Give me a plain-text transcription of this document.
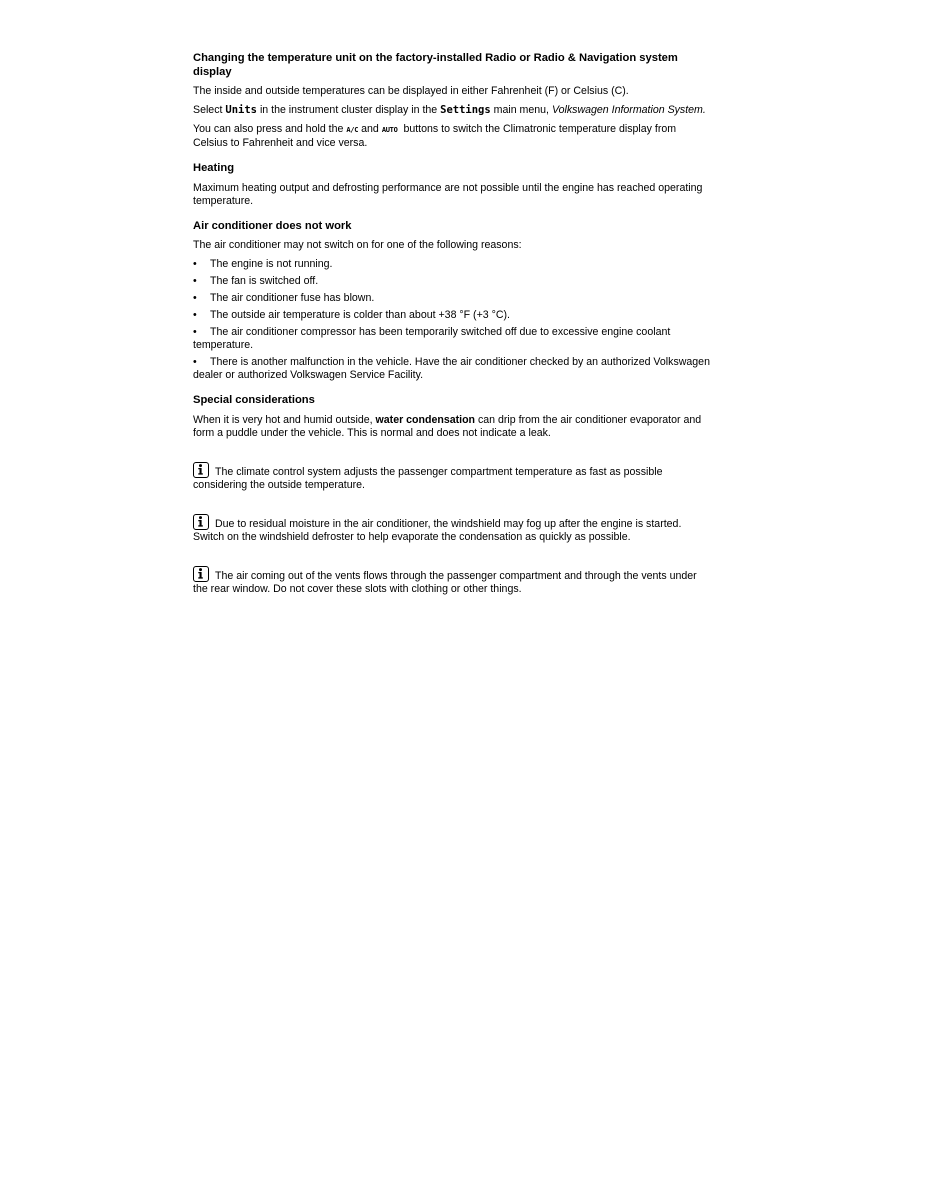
Changing the temperature unit on the factory-installed Radio or Radio & Navigation system display

The inside and outside temperatures can be displayed in either Fahrenheit (F) or Celsius (C).

Select Units in the instrument cluster display in the Settings main menu, Volkswagen Information System.

You can also press and hold the A/C and AUTO buttons to switch the Climatronic temperature display from Celsius to Fahrenheit and vice versa.

Heating

Maximum heating output and defrosting performance are not possible until the engine has reached operating temperature.

Air conditioner does not work

The air conditioner may not switch on for one of the following reasons:

• The engine is not running.
• The fan is switched off.
• The air conditioner fuse has blown.
• The outside air temperature is colder than about +38 °F (+3 °C).
• The air conditioner compressor has been temporarily switched off due to excessive engine coolant temperature.
• There is another malfunction in the vehicle. Have the air conditioner checked by an authorized Volkswagen dealer or authorized Volkswagen Service Facility.
Special considerations

When it is very hot and humid outside, water condensation can drip from the air conditioner evaporator and form a puddle under the vehicle. This is normal and does not indicate a leak.

The climate control system adjusts the passenger compartment temperature as fast as possible considering the outside temperature.
Due to residual moisture in the air conditioner, the windshield may fog up after the engine is started. Switch on the windshield defroster to help evaporate the condensation as quickly as possible.
The air coming out of the vents flows through the passenger compartment and through the vents under the rear window. Do not cover these slots with clothing or other things.
